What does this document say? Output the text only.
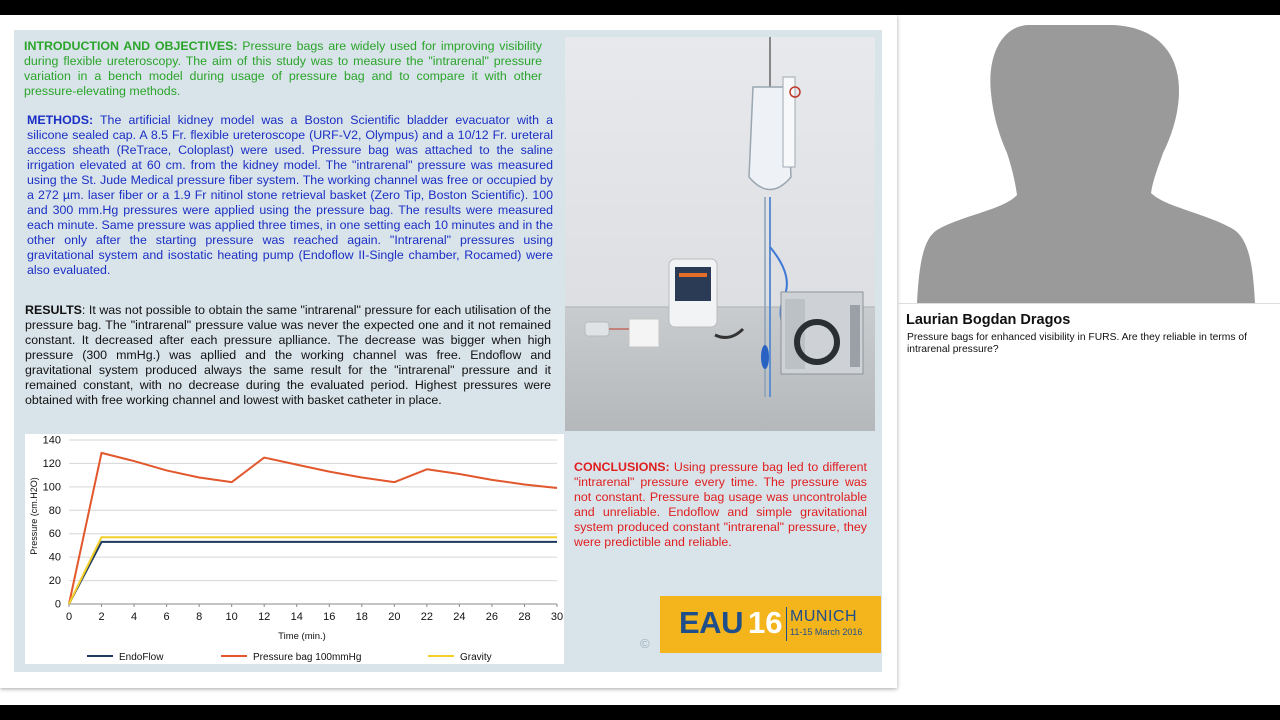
INTRODUCTION AND OBJECTIVES: Pressure bags are widely used for improving visibility during flexible ureteroscopy. The aim of this study was to measure the "intrarenal" pressure variation in a bench model during usage of pressure bag and to compare it with other pressure-elevating methods.
METHODS: The artificial kidney model was a Boston Scientific bladder evacuator with a silicone sealed cap. A 8.5 Fr. flexible ureteroscope (URF-V2, Olympus) and a 10/12 Fr. ureteral access sheath (ReTrace, Coloplast) were used. Pressure bag was attached to the saline irrigation elevated at 60 cm. from the kidney model. The "intrarenal" pressure was measured using the St. Jude Medical pressure fiber system. The working channel was free or occupied by a 272 µm. laser fiber or a 1.9 Fr nitinol stone retrieval basket (Zero Tip, Boston Scientific). 100 and 300 mm.Hg pressures were applied using the pressure bag. The results were measured each minute. Same pressure was applied three times, in one setting each 10 minutes and in the other only after the starting pressure was reached again. "Intrarenal" pressures using gravitational system and isostatic heating pump (Endoflow II-Single chamber, Rocamed) were also evaluated.
RESULTS: It was not possible to obtain the same "intrarenal" pressure for each utilisation of the pressure bag. The "intrarenal" pressure value was never the expected one and it not remained constant. It decreased after each pressure aplliance. The decrease was bigger when high pressure (300 mmHg.) was apllied and the working channel was free. Endoflow and gravitational system produced always the same result for the "intrarenal" pressure and it remained constant, with no decrease during the evaluated period. Highest pressures were obtained with free working channel and lowest with basket catheter in place.
CONCLUSIONS: Using pressure bag led to different "intrarenal" pressure every time. The pressure was not constant. Pressure bag usage was uncontrolable and unreliable. Endoflow and simple gravitational system produced constant "intrarenal" pressure, they were predictible and reliable.
0
20
40
60
80
100
120
140
0 2 4 6 8 10 12 14 16 18 20 22 24 26 28 30
Pressure (cm.H2O)
Time (min.)
EndoFlow	Pressure bag 100mmHg	Gravity
EAU 16 MUNICH
11-15 March 2016
©
Laurian Bogdan Dragos
Pressure bags for enhanced visibility in FURS. Are they reliable in terms of intrarenal pressure?
